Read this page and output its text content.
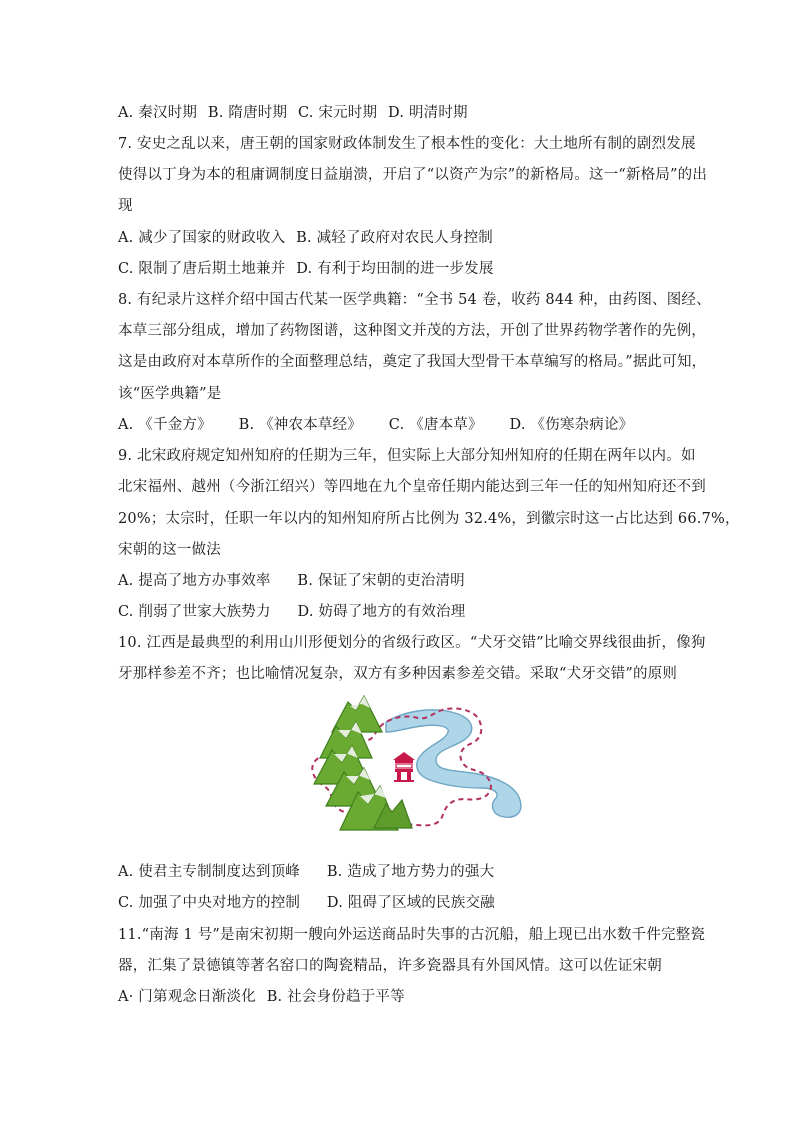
A. 秦汉时期 B. 隋唐时期 C. 宋元时期 D. 明清时期
7. 安史之乱以来，唐王朝的国家财政体制发生了根本性的变化：大土地所有制的剧烈发展
使得以丁身为本的租庸调制度日益崩溃，开启了“以资产为宗”的新格局。这一“新格局”的出
现
A. 减少了国家的财政收入 B. 减轻了政府对农民人身控制
C. 限制了唐后期土地兼并 D. 有利于均田制的进一步发展
8. 有纪录片这样介绍中国古代某一医学典籍：“全书 54 卷，收药 844 种，由药图、图经、
本草三部分组成，增加了药物图谱，这种图文并茂的方法，开创了世界药物学著作的先例，
这是由政府对本草所作的全面整理总结，奠定了我国大型骨干本草编写的格局。”据此可知，
该“医学典籍”是
A. 《千金方》 B. 《神农本草经》 C. 《唐本草》 D. 《伤寒杂病论》
9. 北宋政府规定知州知府的任期为三年，但实际上大部分知州知府的任期在两年以内。如
北宋福州、越州（今浙江绍兴）等四地在九个皇帝任期内能达到三年一任的知州知府还不到
20%；太宗时，任职一年以内的知州知府所占比例为 32.4%，到徽宗时这一占比达到 66.7%，
宋朝的这一做法
A. 提高了地方办事效率 B. 保证了宋朝的吏治清明
C. 削弱了世家大族势力 D. 妨碍了地方的有效治理
10. 江西是最典型的利用山川形便划分的省级行政区。“犬牙交错”比喻交界线很曲折，像狗
牙那样参差不齐；也比喻情况复杂，双方有多种因素参差交错。采取“犬牙交错”的原则
A. 使君主专制制度达到顶峰 B. 造成了地方势力的强大
C. 加强了中央对地方的控制 D. 阻碍了区域的民族交融
11.“南海 1 号”是南宋初期一艘向外运送商品时失事的古沉船，船上现已出水数千件完整瓷
器，汇集了景德镇等著名窑口的陶瓷精品，许多瓷器具有外国风情。这可以佐证宋朝
A· 门第观念日渐淡化 B. 社会身份趋于平等
